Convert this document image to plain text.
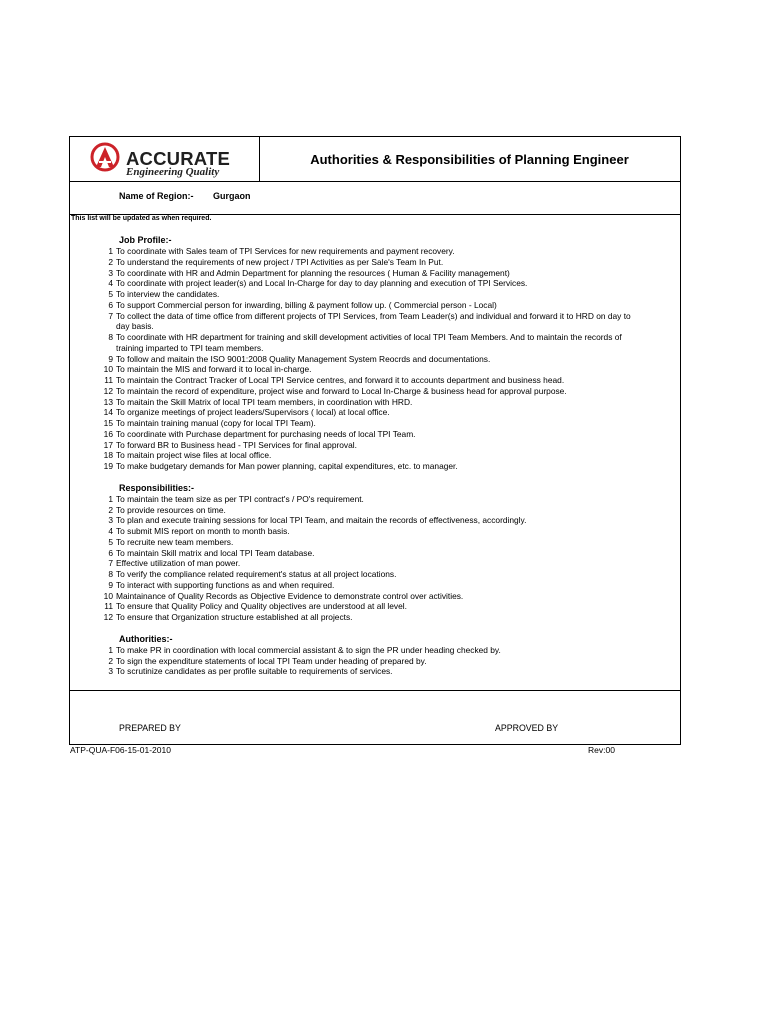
ACCURATE
Engineering Quality
Authorities & Responsibilities of Planning Engineer
Name of Region:- Gurgaon
This list will be updated as when required.
Job Profile:-
1 To coordinate with Sales team of TPI Services for new requirements and payment recovery.
2 To understand the requirements of new project / TPI Activities as per Sale's Team In Put.
3 To coordinate with HR and Admin Department for planning the resources ( Human & Facility management)
4 To coordinate with project leader(s) and Local In-Charge for day to day planning and execution of TPI Services.
5 To interview the candidates.
6 To support Commercial person for inwarding, billing & payment follow up. ( Commercial person - Local)
7 To collect the data of time office from different projects of TPI Services, from Team Leader(s) and individual and forward it to HRD on day to day basis.
8 To coordinate with HR department for training and skill development activities of local TPI Team Members. And to maintain the records of training imparted to TPI team members.
9 To follow and maitain the ISO 9001:2008 Quality Management System Reocrds and documentations.
10 To maintain the MIS and forward it to local in-charge.
11 To maintain the Contract Tracker of Local TPI Service centres, and forward it to accounts department and business head.
12 To maintain the record of expenditure, project wise and forward to Local In-Charge & business head for approval purpose.
13 To maitain the Skill Matrix of local TPI team members, in coordination with HRD.
14 To organize meetings of project leaders/Supervisors ( local) at local office.
15 To maintain training manual (copy for local TPI Team).
16 To coordinate with Purchase department for purchasing needs of local TPI Team.
17 To forward BR to Business head - TPI Services for final approval.
18 To maitain project wise files at local office.
19 To make budgetary demands for Man power planning, capital expenditures, etc. to manager.
Responsibilities:-
1 To maintain the team size as per TPI contract's / PO's requirement.
2 To provide resources on time.
3 To plan and execute training sessions for local TPI Team, and maitain the records of effectiveness, accordingly.
4 To submit MIS report on month to month basis.
5 To recruite new team members.
6 To maintain Skill matrix and local TPI Team database.
7 Effective utilization of man power.
8 To verify the compliance related requirement's status at all project locations.
9 To interact with supporting functions as and when required.
10 Maintainance of Quality Records as Objective Evidence to demonstrate control over activities.
11 To ensure that Quality Policy and Quality objectives are understood at all level.
12 To ensure that Organization structure established at all projects.
Authorities:-
1 To make PR in coordination with local commercial assistant & to sign the PR under heading checked by.
2 To sign the expenditure statements of local TPI Team under heading of prepared by.
3 To scrutinize candidates as per profile suitable to requirements of services.
PREPARED BY	APPROVED BY
ATP-QUA-F06-15-01-2010	Rev:00
